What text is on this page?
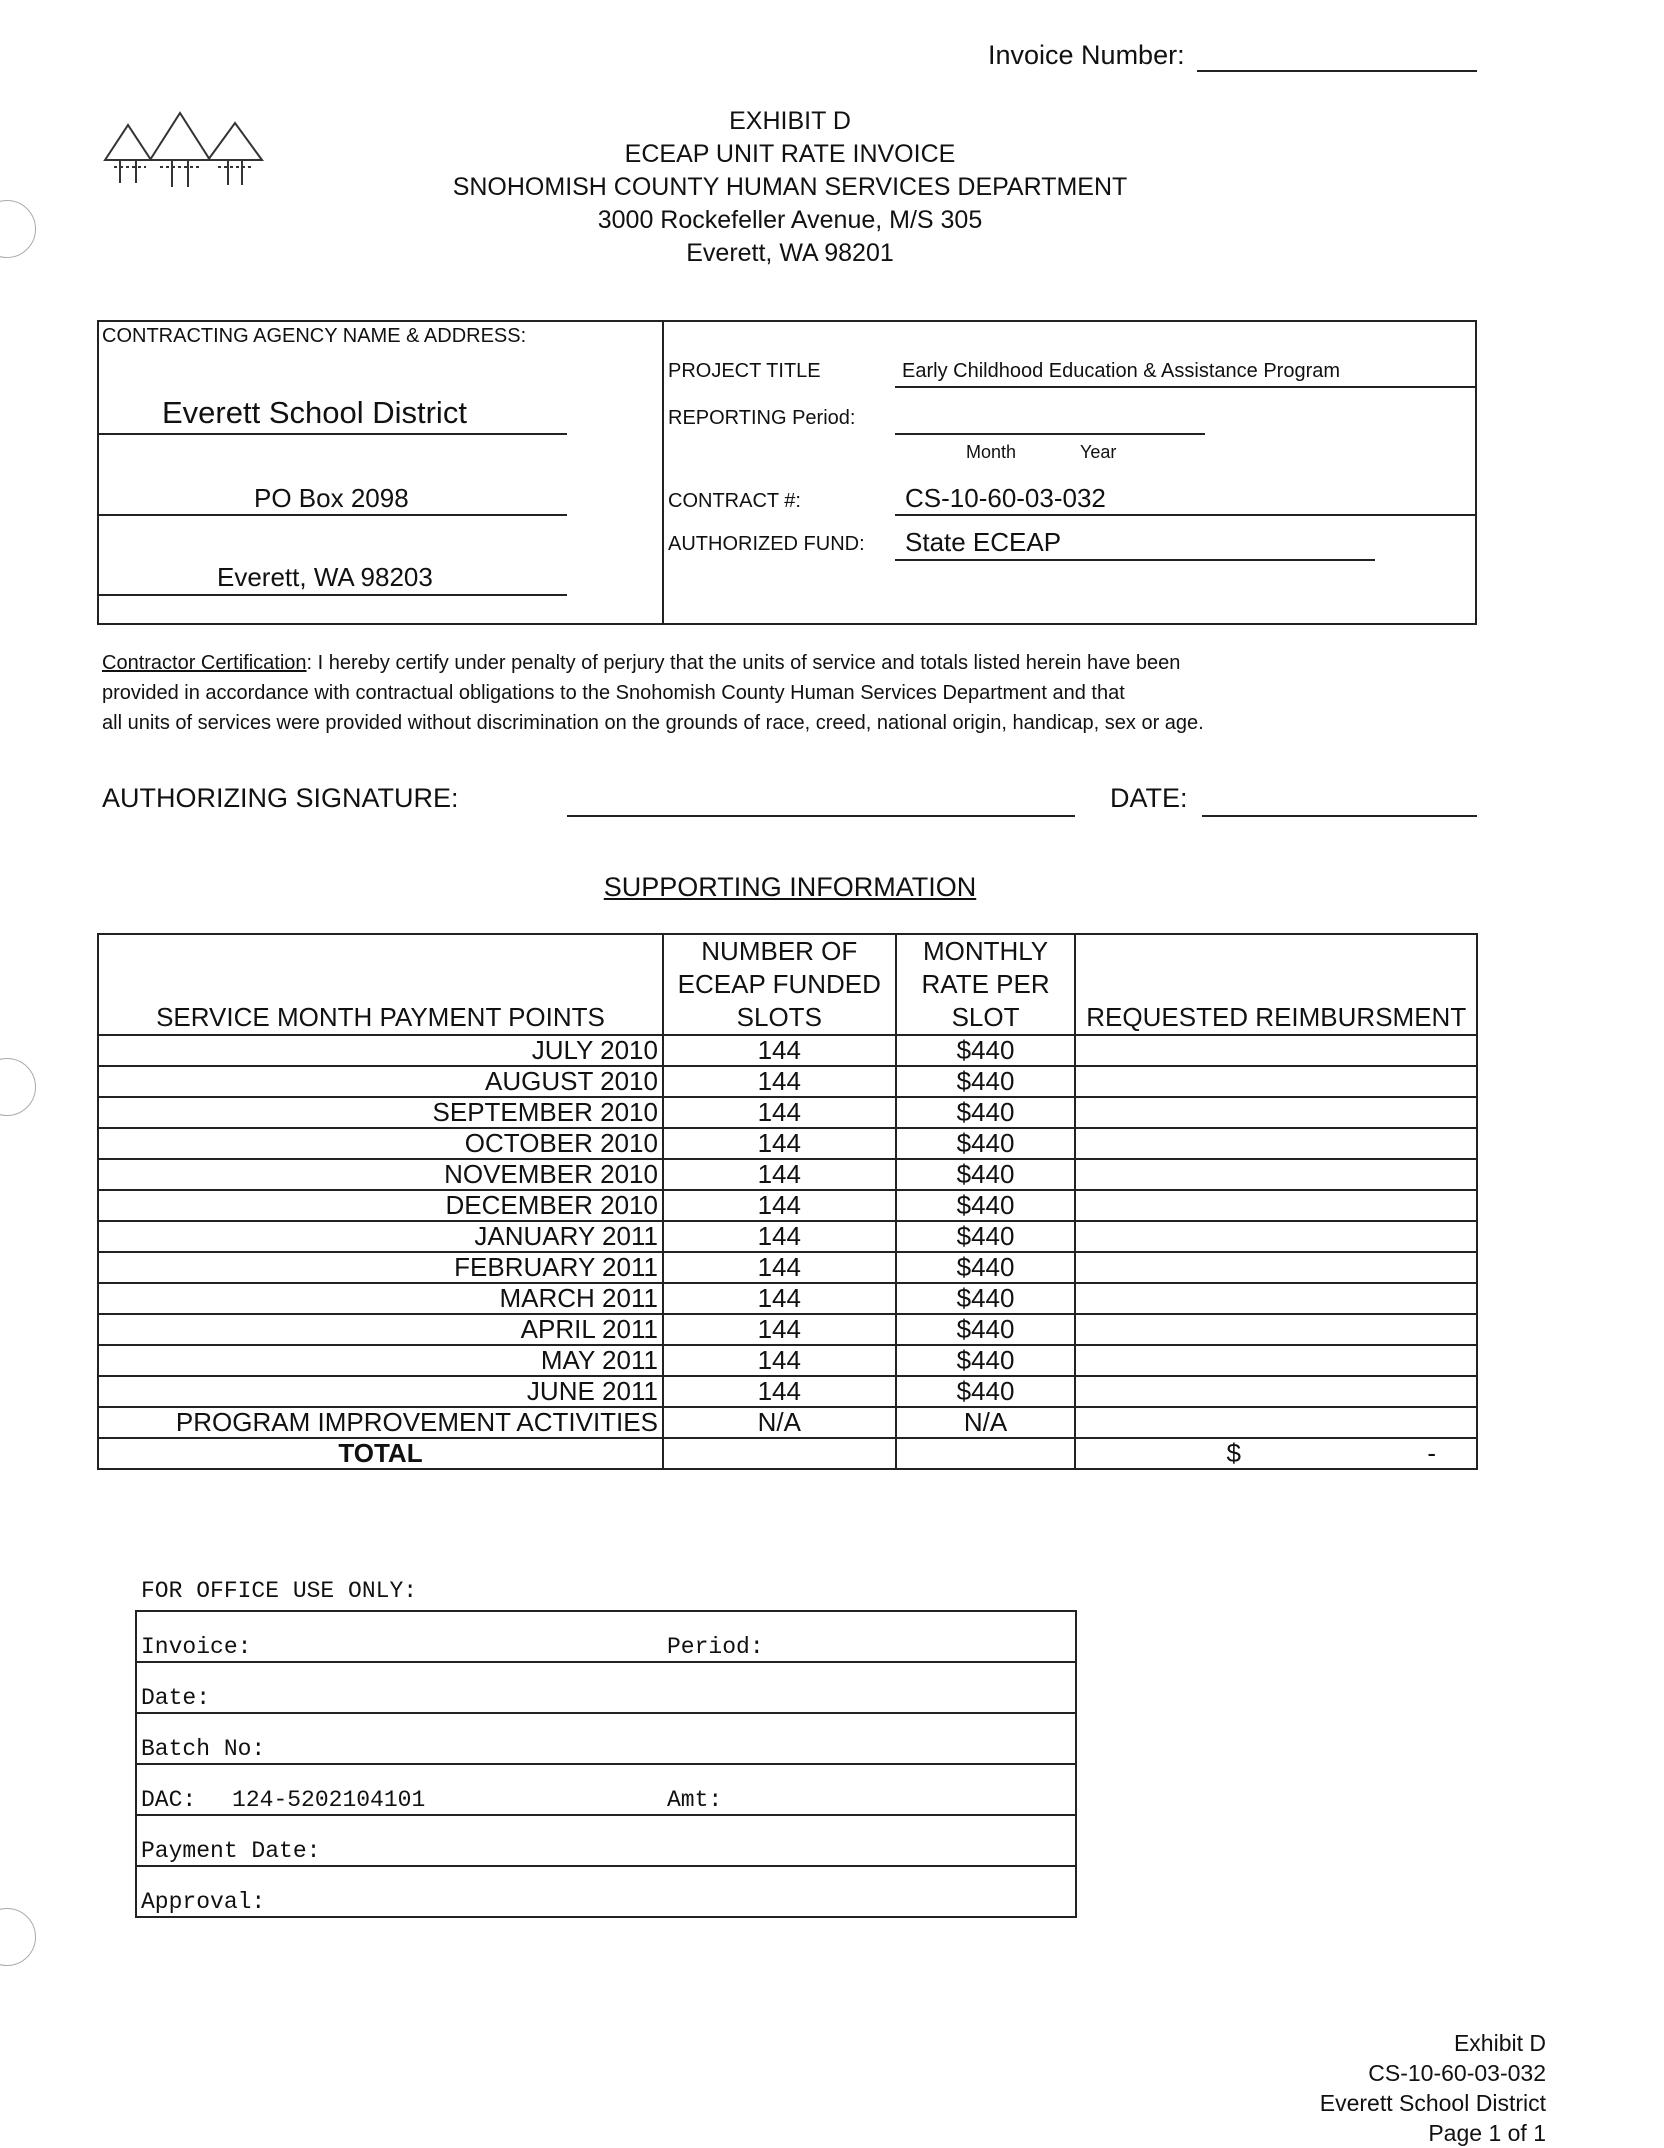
Invoice Number:
EXHIBIT D
ECEAP UNIT RATE INVOICE
SNOHOMISH COUNTY HUMAN SERVICES DEPARTMENT
3000 Rockefeller Avenue, M/S 305
Everett, WA 98201
CONTRACTING AGENCY NAME & ADDRESS:
Everett School District
PO Box 2098
Everett, WA 98203
PROJECT TITLE	Early Childhood Education & Assistance Program
REPORTING Period:
Month	Year
CONTRACT #:	CS-10-60-03-032
AUTHORIZED FUND: State ECEAP
Contractor Certification: I hereby certify under penalty of perjury that the units of service and totals listed herein have been
provided in accordance with contractual obligations to the Snohomish County Human Services Department and that
all units of services were provided without discrimination on the grounds of race, creed, national origin, handicap, sex or age.
AUTHORIZING SIGNATURE:	DATE:
SUPPORTING INFORMATION
SERVICE MONTH PAYMENT POINTS	NUMBER OF ECEAP FUNDED SLOTS	MONTHLY RATE PER SLOT	REQUESTED REIMBURSMENT
JULY 2010	144	$440	
AUGUST 2010	144	$440	
SEPTEMBER 2010	144	$440	
OCTOBER 2010	144	$440	
NOVEMBER 2010	144	$440	
DECEMBER 2010	144	$440	
JANUARY 2011	144	$440	
FEBRUARY 2011	144	$440	
MARCH 2011	144	$440	
APRIL 2011	144	$440	
MAY 2011	144	$440	
JUNE 2011	144	$440	
PROGRAM IMPROVEMENT ACTIVITIES	N/A	N/A	
TOTAL			$ -
FOR OFFICE USE ONLY:
Invoice:	Period:

Date:
Batch No:
DAC: 124-5202104101	Amt:

Payment Date:
Approval:
Exhibit D
CS-10-60-03-032
Everett School District
Page 1 of 1
